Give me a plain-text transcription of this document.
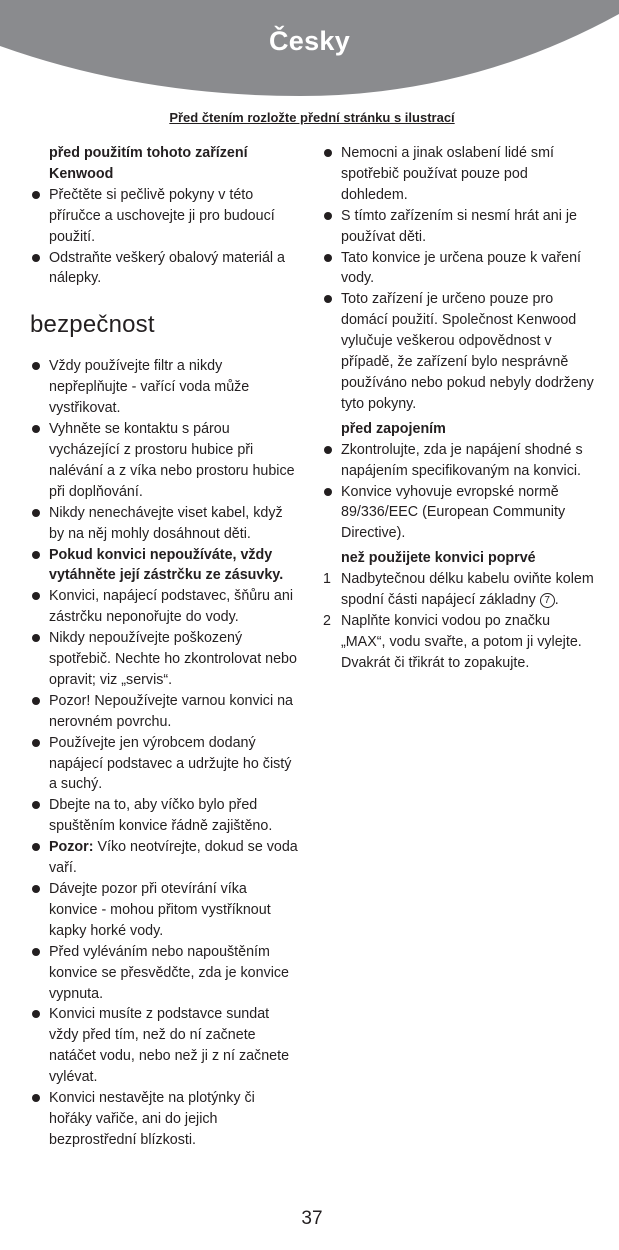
Česky
Před čtením rozložte přední stránku s ilustrací
před použitím tohoto zařízení Kenwood
Přečtěte si pečlivě pokyny v této příručce a uschovejte ji pro budoucí použití.
Odstraňte veškerý obalový materiál a nálepky.
bezpečnost
Vždy používejte filtr a nikdy nepřeplňujte - vařící voda může vystřikovat.
Vyhněte se kontaktu s párou vycházející z prostoru hubice při nalévání a z víka nebo prostoru hubice při doplňování.
Nikdy nenechávejte viset kabel, když by na něj mohly dosáhnout děti.
Pokud konvici nepoužíváte, vždy vytáhněte její zástrčku ze zásuvky.
Konvici, napájecí podstavec, šňůru ani zástrčku neponořujte do vody.
Nikdy nepoužívejte poškozený spotřebič. Nechte ho zkontrolovat nebo opravit; viz „servis“.
Pozor! Nepoužívejte varnou konvici na nerovném povrchu.
Používejte jen výrobcem dodaný napájecí podstavec a udržujte ho čistý a suchý.
Dbejte na to, aby víčko bylo před spuštěním konvice řádně zajištěno.
Pozor: Víko neotvírejte, dokud se voda vaří.
Dávejte pozor při otevírání víka konvice - mohou přitom vystříknout kapky horké vody.
Před vyléváním nebo napouštěním konvice se přesvědčte, zda je konvice vypnuta.
Konvici musíte z podstavce sundat vždy před tím, než do ní začnete natáčet vodu, nebo než ji z ní začnete vylévat.
Konvici nestavějte na plotýnky či hořáky vařiče, ani do jejich bezprostřední blízkosti.
Nemocni a jinak oslabení lidé smí spotřebič používat pouze pod dohledem.
S tímto zařízením si nesmí hrát ani je používat děti.
Tato konvice je určena pouze k vaření vody.
Toto zařízení je určeno pouze pro domácí použití. Společnost Kenwood vylučuje veškerou odpovědnost v případě, že zařízení bylo nesprávně používáno nebo pokud nebyly dodrženy tyto pokyny.
před zapojením
Zkontrolujte, zda je napájení shodné s napájením specifikovaným na konvici.
Konvice vyhovuje evropské normě 89/336/EEC (European Community Directive).
než použijete konvici poprvé
1 Nadbytečnou délku kabelu oviňte kolem spodní části napájecí základny 7 .
2 Naplňte konvici vodou po značku „MAX“, vodu svařte, a potom ji vylejte. Dvakrát či třikrát to zopakujte.
37
